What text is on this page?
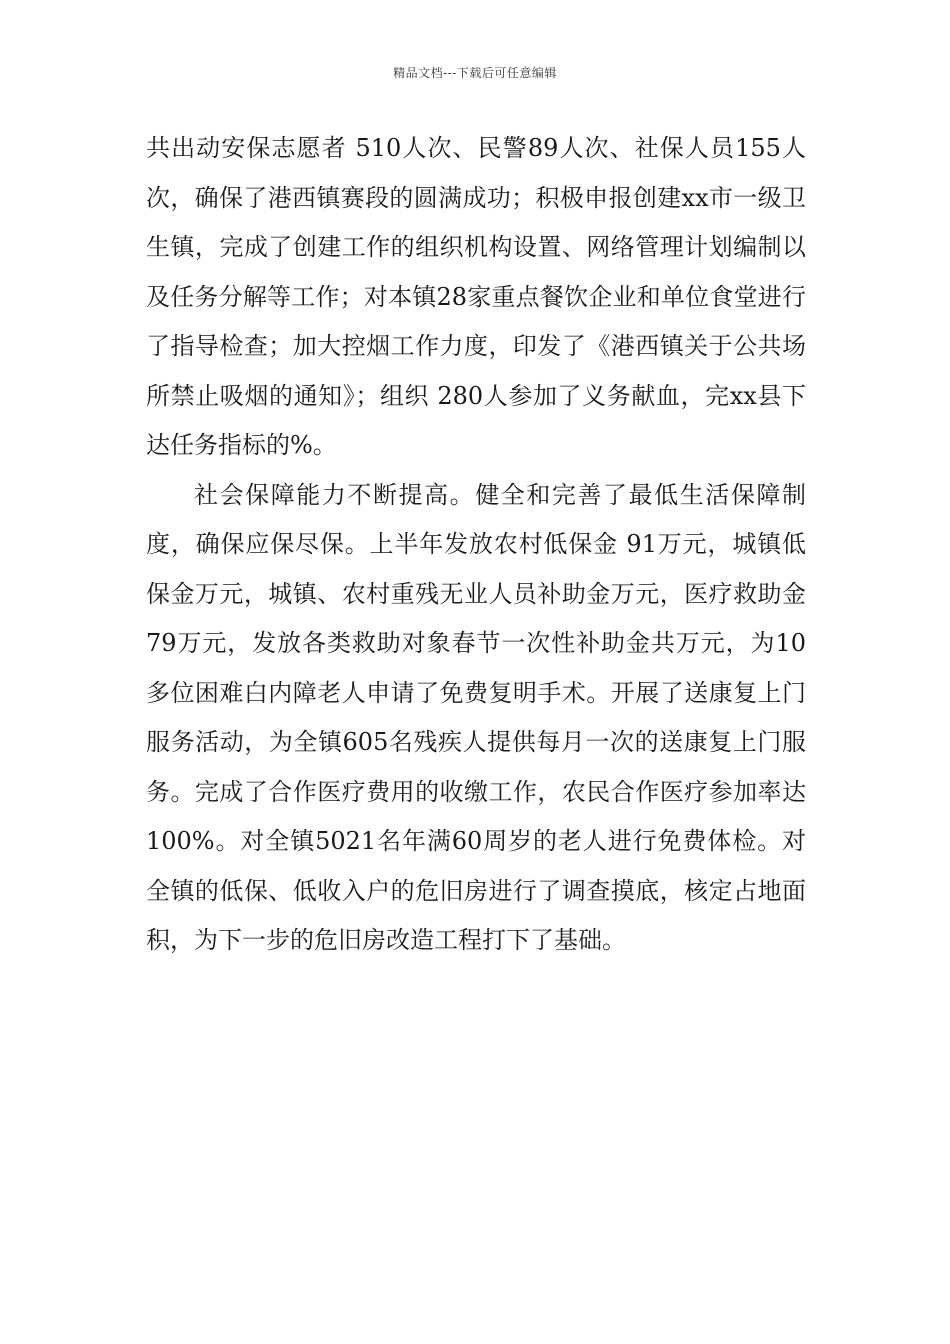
精品文档---下载后可任意编辑

共出动安保志愿者 510人次、民警89人次、社保人员155人次，确保了港西镇赛段的圆满成功；积极申报创建xx市一级卫生镇，完成了创建工作的组织机构设置、网络管理计划编制以及任务分解等工作；对本镇28家重点餐饮企业和单位食堂进行了指导检查；加大控烟工作力度，印发了《港西镇关于公共场所禁止吸烟的通知》；组织 280人参加了义务献血，完xx县下达任务指标的%。

社会保障能力不断提高。健全和完善了最低生活保障制度，确保应保尽保。上半年发放农村低保金 91万元，城镇低保金万元，城镇、农村重残无业人员补助金万元，医疗救助金79万元，发放各类救助对象春节一次性补助金共万元，为10多位困难白内障老人申请了免费复明手术。开展了送康复上门服务活动，为全镇605名残疾人提供每月一次的送康复上门服务。完成了合作医疗费用的收缴工作，农民合作医疗参加率达100%。对全镇5021名年满60周岁的老人进行免费体检。对全镇的低保、低收入户的危旧房进行了调查摸底，核定占地面积，为下一步的危旧房改造工程打下了基础。
